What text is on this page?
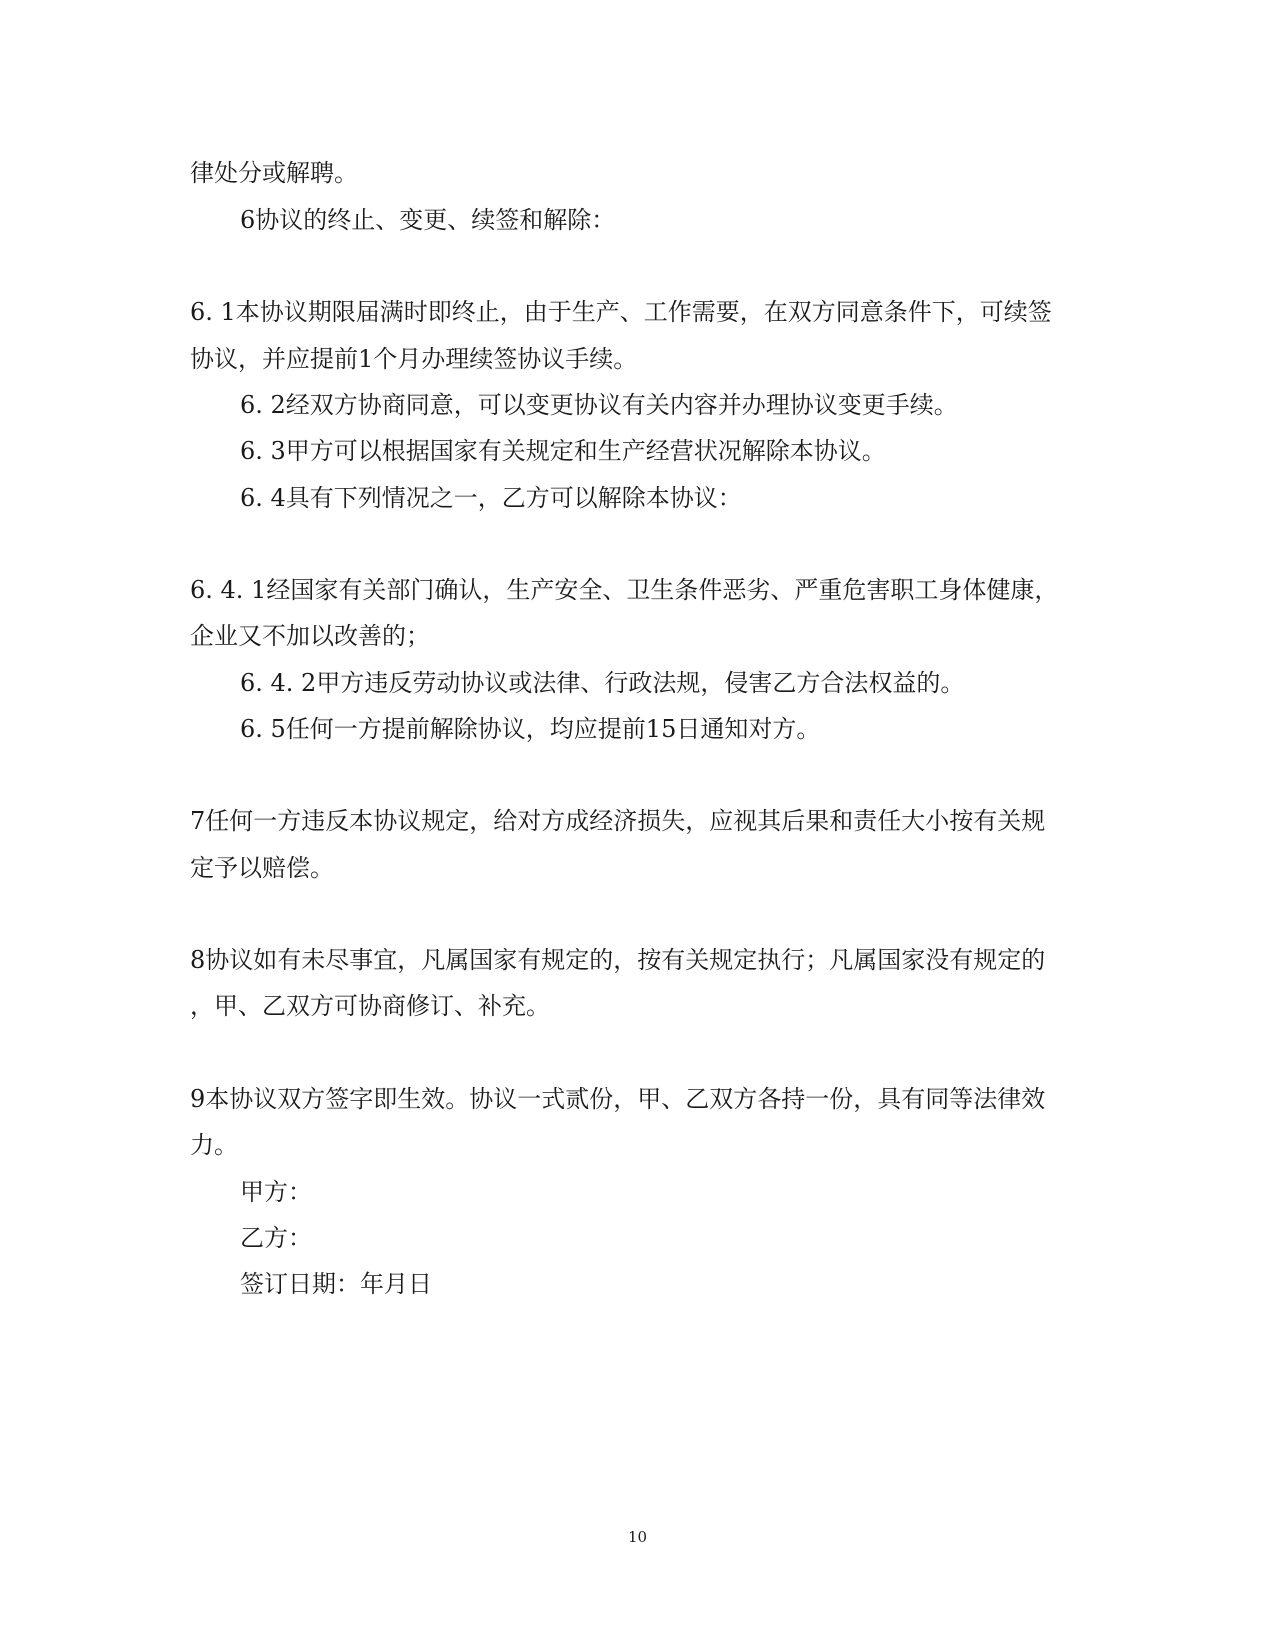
律处分或解聘。

6协议的终止、变更、续签和解除：

6. 1本协议期限届满时即终止，由于生产、工作需要，在双方同意条件下，可续签

协议，并应提前1个月办理续签协议手续。

6. 2经双方协商同意，可以变更协议有关内容并办理协议变更手续。

6. 3甲方可以根据国家有关规定和生产经营状况解除本协议。

6. 4具有下列情况之一，乙方可以解除本协议：

6. 4. 1经国家有关部门确认，生产安全、卫生条件恶劣、严重危害职工身体健康，

企业又不加以改善的；

6. 4. 2甲方违反劳动协议或法律、行政法规，侵害乙方合法权益的。

6. 5任何一方提前解除协议，均应提前15日通知对方。

7任何一方违反本协议规定，给对方成经济损失，应视其后果和责任大小按有关规

定予以赔偿。

8协议如有未尽事宜，凡属国家有规定的，按有关规定执行；凡属国家没有规定的

，甲、乙双方可协商修订、补充。

9本协议双方签字即生效。协议一式贰份，甲、乙双方各持一份，具有同等法律效

力。

甲方：

乙方：

签订日期：年月日

10
